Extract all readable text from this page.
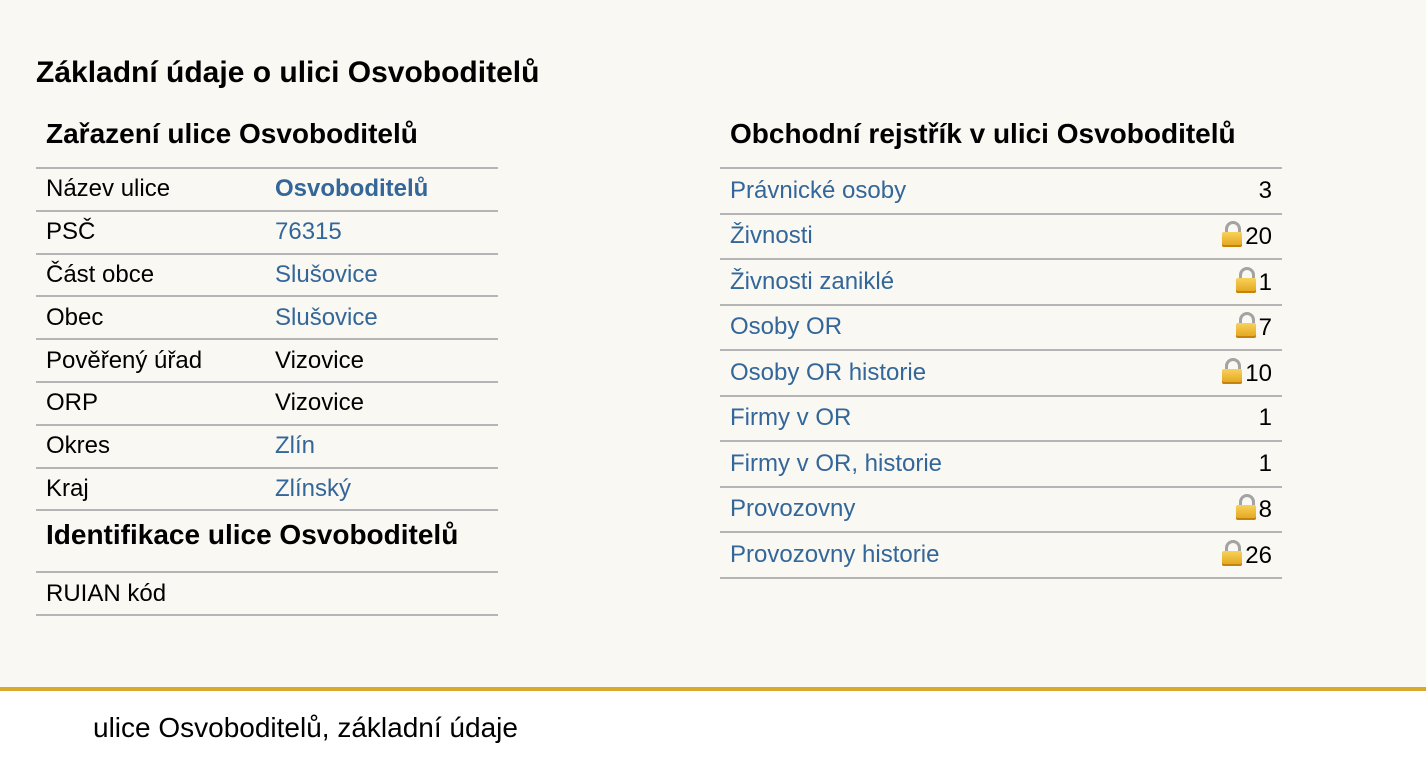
Základní údaje o ulici Osvoboditelů
Zařazení ulice Osvoboditelů
Název ulice	Osvoboditelů
PSČ	76315
Část obce	Slušovice
Obec	Slušovice
Pověřený úřad	Vizovice
ORP	Vizovice
Okres	Zlín
Kraj	Zlínský
Identifikace ulice Osvoboditelů
RUIAN kód	
Obchodní rejstřík v ulici Osvoboditelů
Právnické osoby	3
Živnosti	20
Živnosti zaniklé	1
Osoby OR	7
Osoby OR historie	10
Firmy v OR	1
Firmy v OR, historie	1
Provozovny	8
Provozovny historie	26
ulice Osvoboditelů, základní údaje
